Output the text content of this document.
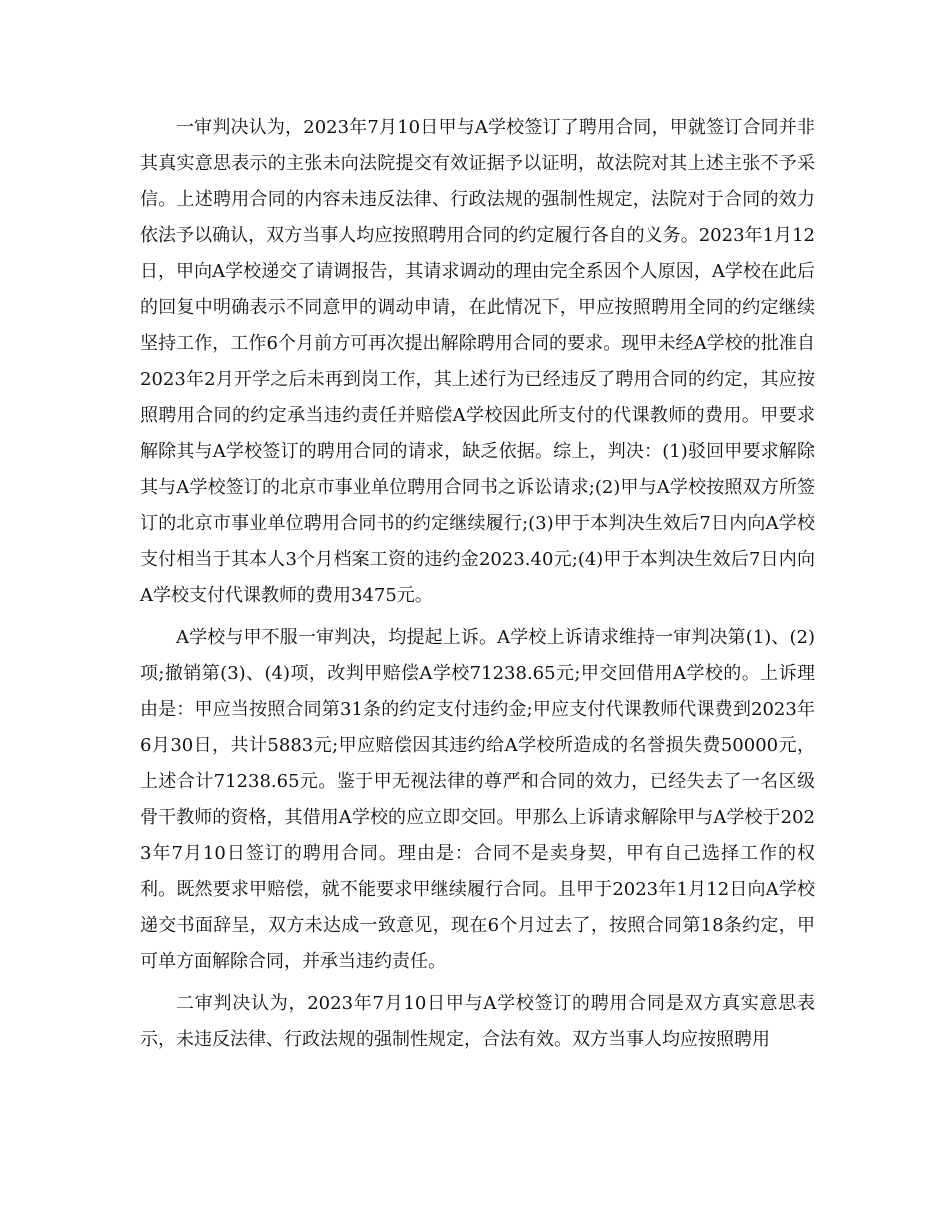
一审判决认为，2023年7月10日甲与A学校签订了聘用合同，甲就签订合同并非其真实意思表示的主张未向法院提交有效证据予以证明，故法院对其上述主张不予采信。上述聘用合同的内容未违反法律、行政法规的强制性规定，法院对于合同的效力依法予以确认，双方当事人均应按照聘用合同的约定履行各自的义务。2023年1月12日，甲向A学校递交了请调报告，其请求调动的理由完全系因个人原因，A学校在此后的回复中明确表示不同意甲的调动申请，在此情况下，甲应按照聘用全同的约定继续坚持工作，工作6个月前方可再次提出解除聘用合同的要求。现甲未经A学校的批准自2023年2月开学之后未再到岗工作，其上述行为已经违反了聘用合同的约定，其应按照聘用合同的约定承当违约责任并赔偿A学校因此所支付的代课教师的费用。甲要求解除其与A学校签订的聘用合同的请求，缺乏依据。综上，判决：(1)驳回甲要求解除其与A学校签订的北京市事业单位聘用合同书之诉讼请求;(2)甲与A学校按照双方所签订的北京市事业单位聘用合同书的约定继续履行;(3)甲于本判决生效后7日内向A学校支付相当于其本人3个月档案工资的违约金2023.40元;(4)甲于本判决生效后7日内向A学校支付代课教师的费用3475元。

A学校与甲不服一审判决，均提起上诉。A学校上诉请求维持一审判决第(1)、(2)项;撤销第(3)、(4)项，改判甲赔偿A学校71238.65元;甲交回借用A学校的。上诉理由是：甲应当按照合同第31条的约定支付违约金;甲应支付代课教师代课费到2023年6月30日，共计5883元;甲应赔偿因其违约给A学校所造成的名誉损失费50000元，上述合计71238.65元。鉴于甲无视法律的尊严和合同的效力，已经失去了一名区级骨干教师的资格，其借用A学校的应立即交回。甲那么上诉请求解除甲与A学校于2023年7月10日签订的聘用合同。理由是：合同不是卖身契，甲有自己选择工作的权利。既然要求甲赔偿，就不能要求甲继续履行合同。且甲于2023年1月12日向A学校递交书面辞呈，双方未达成一致意见，现在6个月过去了，按照合同第18条约定，甲可单方面解除合同，并承当违约责任。

二审判决认为，2023年7月10日甲与A学校签订的聘用合同是双方真实意思表示，未违反法律、行政法规的强制性规定，合法有效。双方当事人均应按照聘用
